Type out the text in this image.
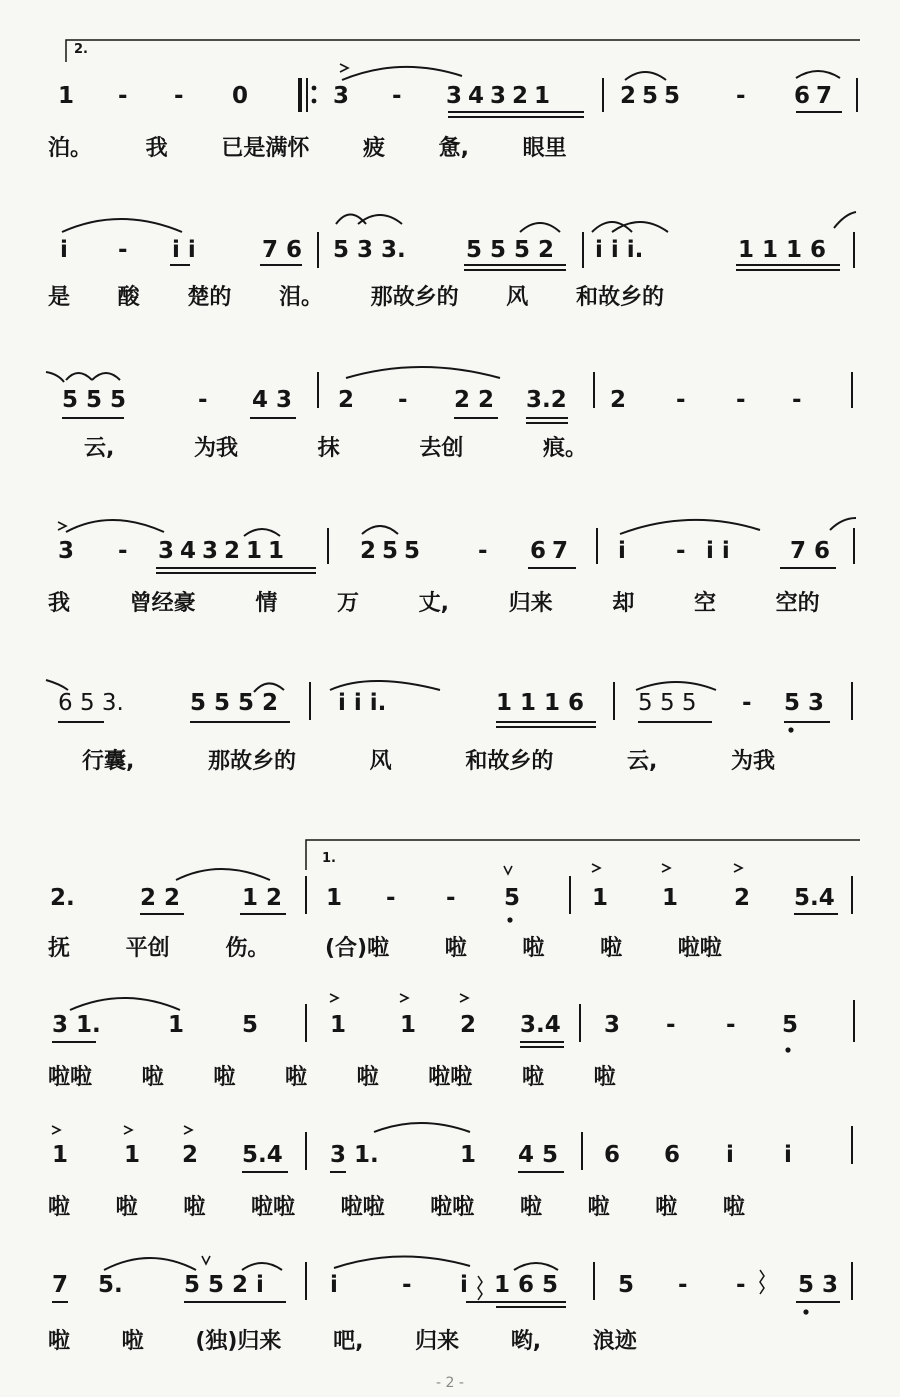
2.
1 - - 0	3 - 3 4 3 2 1	2 5 5 - 6 7
泊。 我 已是满怀 疲 惫, 眼里
i - i i	7 6 5 3 3.	5 5 5 2 i i i.	1 1 1 6
是 酸 楚的 泪。 那故乡的 风 和故乡的
5 5 5	- 4 3 2 - 2 2 3.2 2 - - -
云, 为我 抹 去创 痕。
3 - 3 4 3 2 1 1	2 5 5	- 6 7 i - i i	7 6
我 曾经豪 情 万 丈, 归来 却 空 空的
6 5 3.	5 5 5 2	i i i.	1 1 1 6 5 5 5 - 5 3
行囊, 那故乡的 风 和故乡的 云, 为我
1.
2.	2 2	1 2 1 - - 5	1 1 2 5.4
抚 平创 伤。 (合)啦 啦 啦 啦 啦啦
3 1.	1	5	1 1 2 3.4 3 - - 5
啦啦 啦 啦 啦 啦 啦啦 啦 啦
1 1 2 5.4 3 1.	1 4 5 6 6 i i
啦 啦 啦 啦啦 啦啦 啦啦 啦 啦 啦 啦
7 5.	5 5 2 i	i	- i 1 6 5	5 - - 5 3
啦 啦 (独)归来 吧, 归来 哟, 浪迹
- 2 -
